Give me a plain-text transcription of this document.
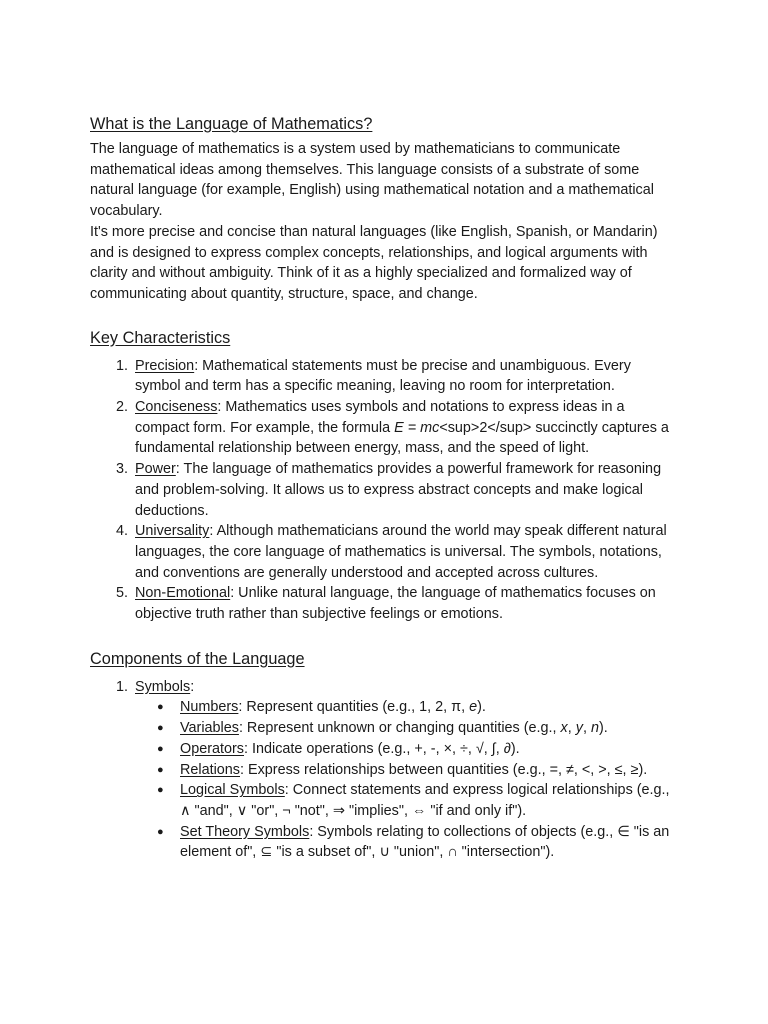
What is the Language of Mathematics?

The language of mathematics is a system used by mathematicians to communicate mathematical ideas among themselves. This language consists of a substrate of some natural language (for example, English) using mathematical notation and a mathematical vocabulary.

It's more precise and concise than natural languages (like English, Spanish, or Mandarin) and is designed to express complex concepts, relationships, and logical arguments with clarity and without ambiguity. Think of it as a highly specialized and formalized way of communicating about quantity, structure, space, and change.

Key Characteristics
1. Precision: Mathematical statements must be precise and unambiguous. Every symbol and term has a specific meaning, leaving no room for interpretation.
2. Conciseness: Mathematics uses symbols and notations to express ideas in a compact form. For example, the formula E = mc<sup>2</sup> succinctly captures a fundamental relationship between energy, mass, and the speed of light.
3. Power: The language of mathematics provides a powerful framework for reasoning and problem-solving. It allows us to express abstract concepts and make logical deductions.
4. Universality: Although mathematicians around the world may speak different natural languages, the core language of mathematics is universal. The symbols, notations, and conventions are generally understood and accepted across cultures.
5. Non-Emotional: Unlike natural language, the language of mathematics focuses on objective truth rather than subjective feelings or emotions.
Components of the Language
1. Symbols:
● Numbers: Represent quantities (e.g., 1, 2, π, e).
● Variables: Represent unknown or changing quantities (e.g., x, y, n).
● Operators: Indicate operations (e.g., +, -, ×, ÷, √, ∫, ∂).
● Relations: Express relationships between quantities (e.g., =, ≠, <, >, ≤, ≥).
● Logical Symbols: Connect statements and express logical relationships (e.g., ∧ "and", ∨ "or", ¬ "not", ⇒ "implies", ⇔ "if and only if").
● Set Theory Symbols: Symbols relating to collections of objects (e.g., ∈ "is an element of", ⊆ "is a subset of", ∪ "union", ∩ "intersection").
